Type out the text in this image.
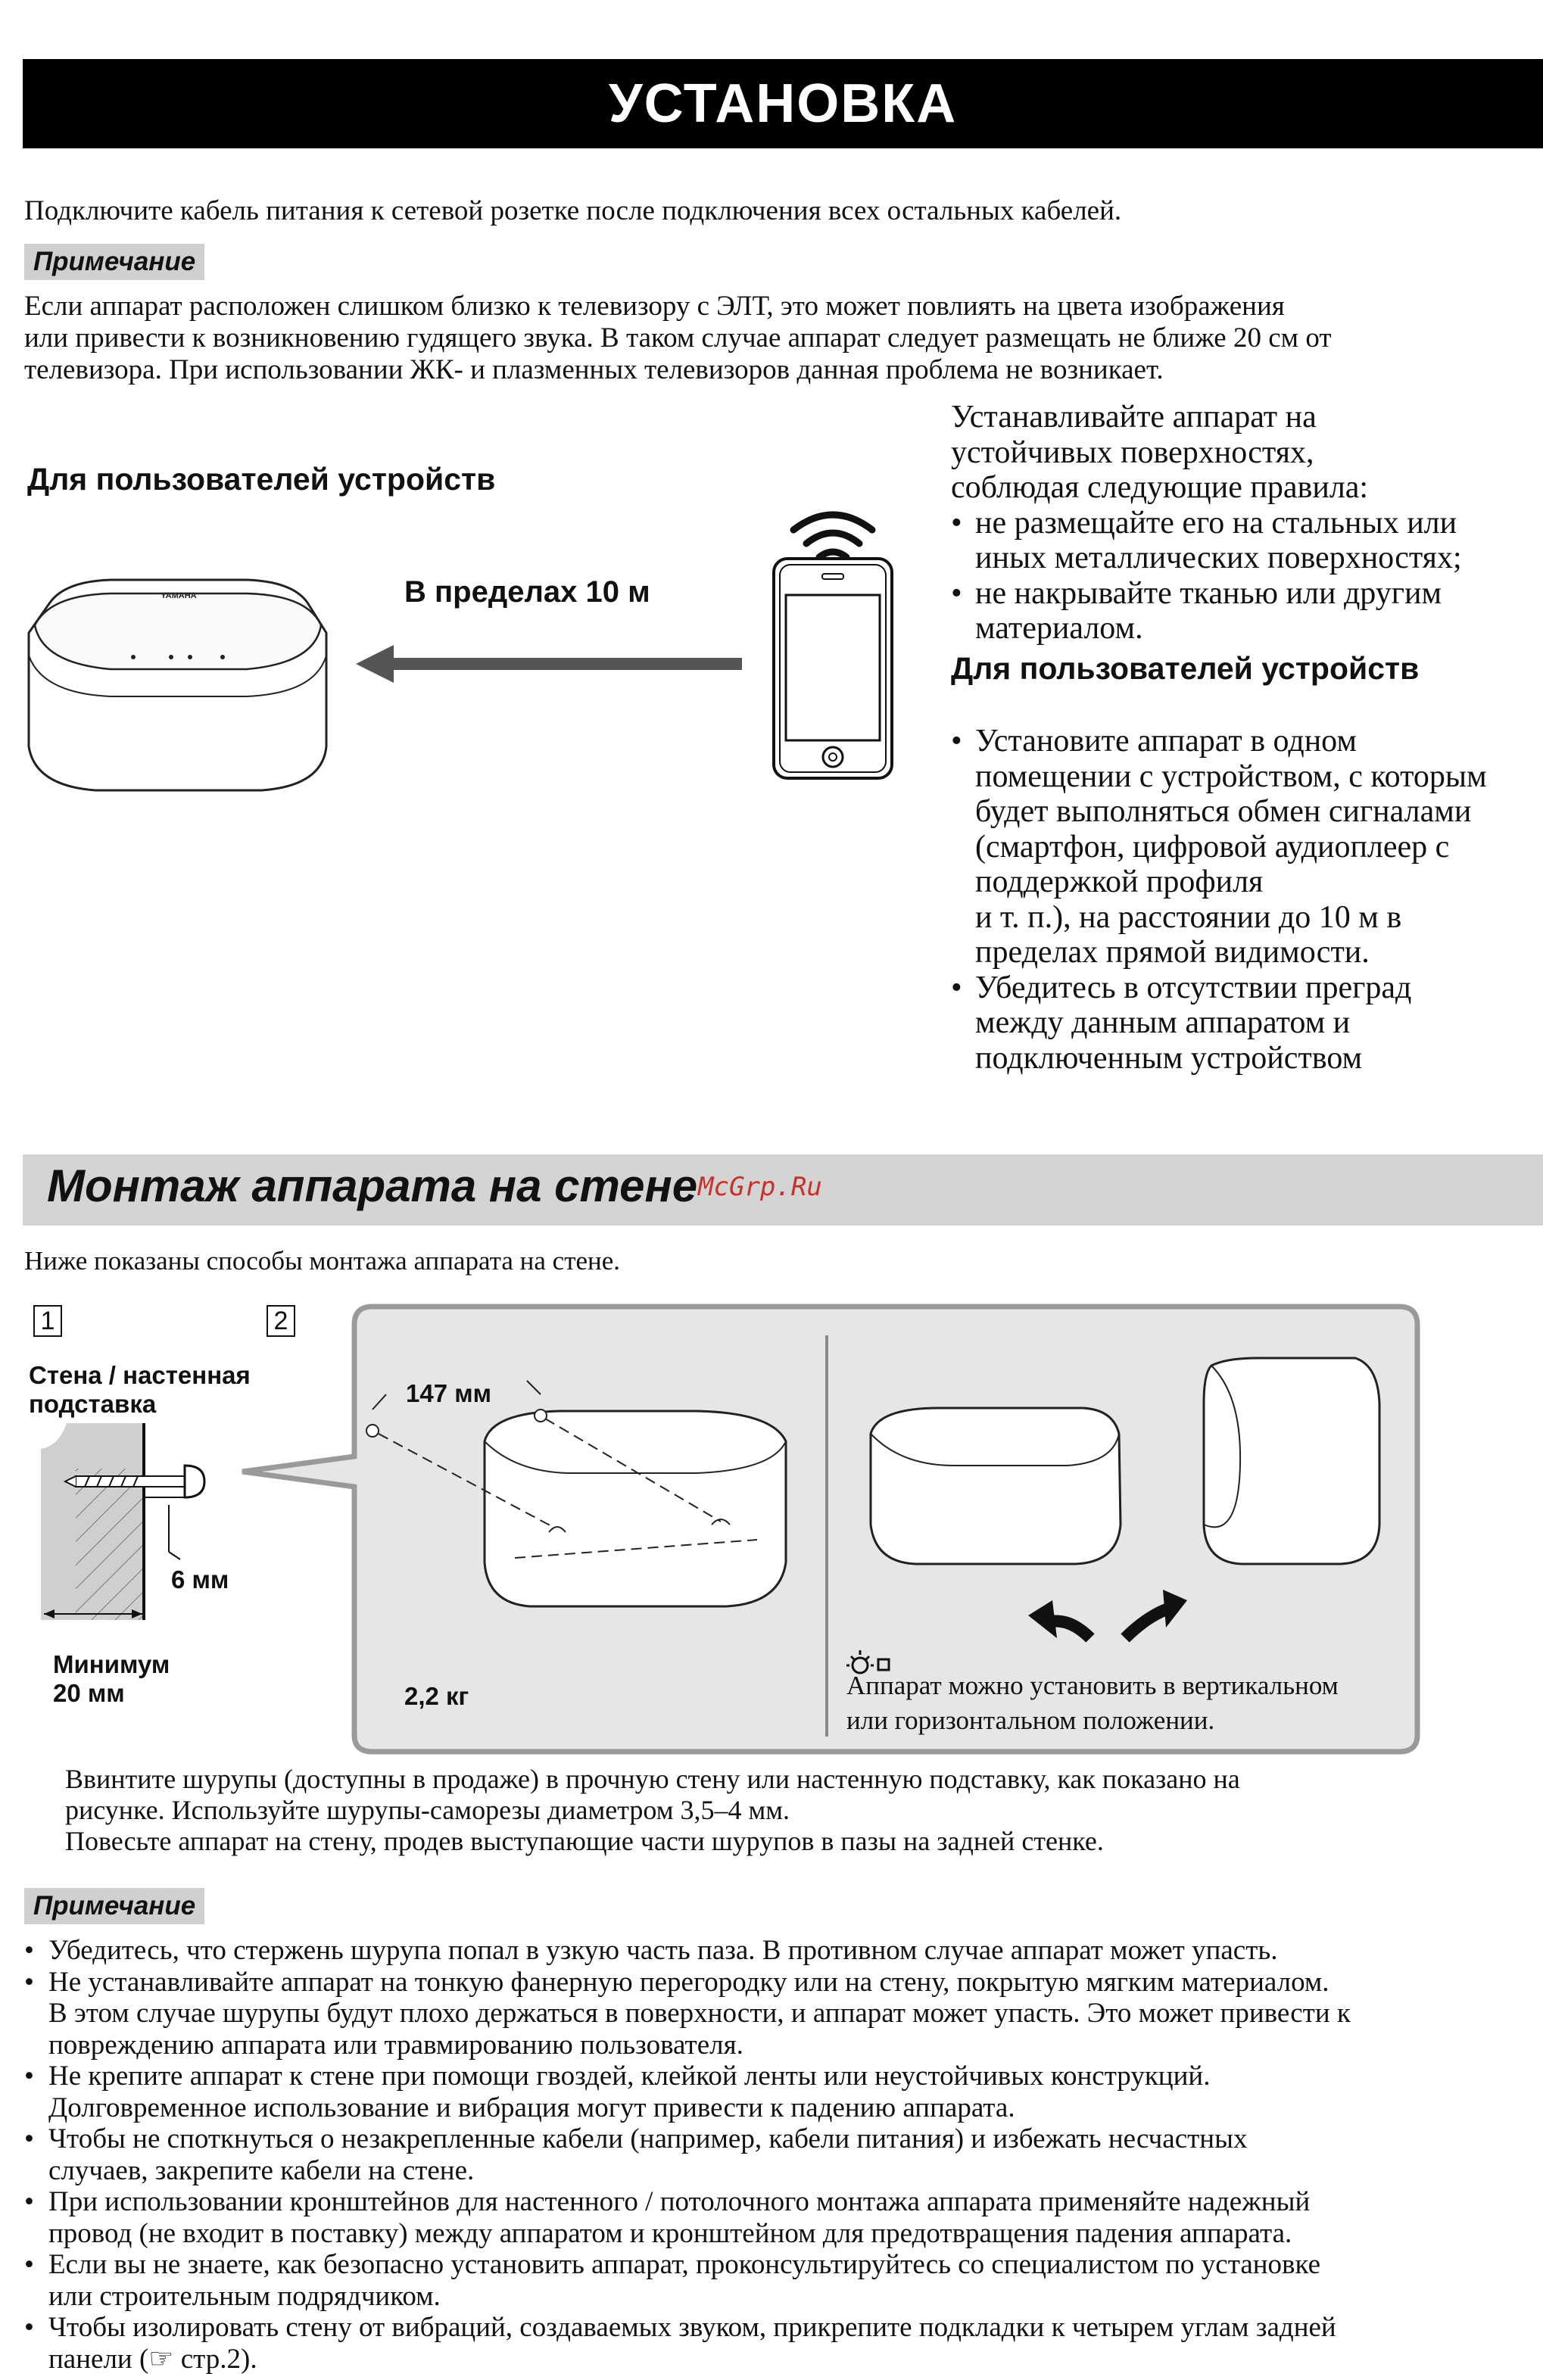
УСТАНОВКА
Подключите кабель питания к сетевой розетке после подключения всех остальных кабелей.
Примечание
Если аппарат расположен слишком близко к телевизору с ЭЛТ, это может повлиять на цвета изображения
или привести к возникновению гудящего звука. В таком случае аппарат следует размещать не ближе 20 см от
телевизора. При использовании ЖК- и плазменных телевизоров данная проблема не возникает.
Для пользователей устройств
В пределах 10 м
YAMAHA
Устанавливайте аппарат на
устойчивых поверхностях,
соблюдая следующие правила:
• не размещайте его на стальных или
иных металлических поверхностях;
• не накрывайте тканью или другим
материалом.
Для пользователей устройств
• Установите аппарат в одном
помещении с устройством, с которым
будет выполняться обмен сигналами
(смартфон, цифровой аудиоплеер с
поддержкой профиля
и т. п.), на расстоянии до 10 м в
пределах прямой видимости.
• Убедитесь в отсутствии преград
между данным аппаратом и
подключенным устройством
Монтаж аппарата на стене McGrp.Ru
Ниже показаны способы монтажа аппарата на стене.
1	2
Стена / настенная
подставка
6 мм
Минимум
20 мм
147 мм
2,2 кг	Аппарат можно установить в вертикальном
или горизонтальном положении.
Ввинтите шурупы (доступны в продаже) в прочную стену или настенную подставку, как показано на
рисунке. Используйте шурупы-саморезы диаметром 3,5–4 мм.
Повесьте аппарат на стену, продев выступающие части шурупов в пазы на задней стенке.
Примечание
• Убедитесь, что стержень шурупа попал в узкую часть паза. В противном случае аппарат может упасть.
• Не устанавливайте аппарат на тонкую фанерную перегородку или на стену, покрытую мягким материалом.
В этом случае шурупы будут плохо держаться в поверхности, и аппарат может упасть. Это может привести к
повреждению аппарата или травмированию пользователя.
• Не крепите аппарат к стене при помощи гвоздей, клейкой ленты или неустойчивых конструкций.
Долговременное использование и вибрация могут привести к падению аппарата.
• Чтобы не споткнуться о незакрепленные кабели (например, кабели питания) и избежать несчастных
случаев, закрепите кабели на стене.
• При использовании кронштейнов для настенного / потолочного монтажа аппарата применяйте надежный
провод (не входит в поставку) между аппаратом и кронштейном для предотвращения падения аппарата.
• Если вы не знаете, как безопасно установить аппарат, проконсультируйтесь со специалистом по установке
или строительным подрядчиком.
• Чтобы изолировать стену от вибраций, создаваемых звуком, прикрепите подкладки к четырем углам задней
панели (☞ стр.2).
